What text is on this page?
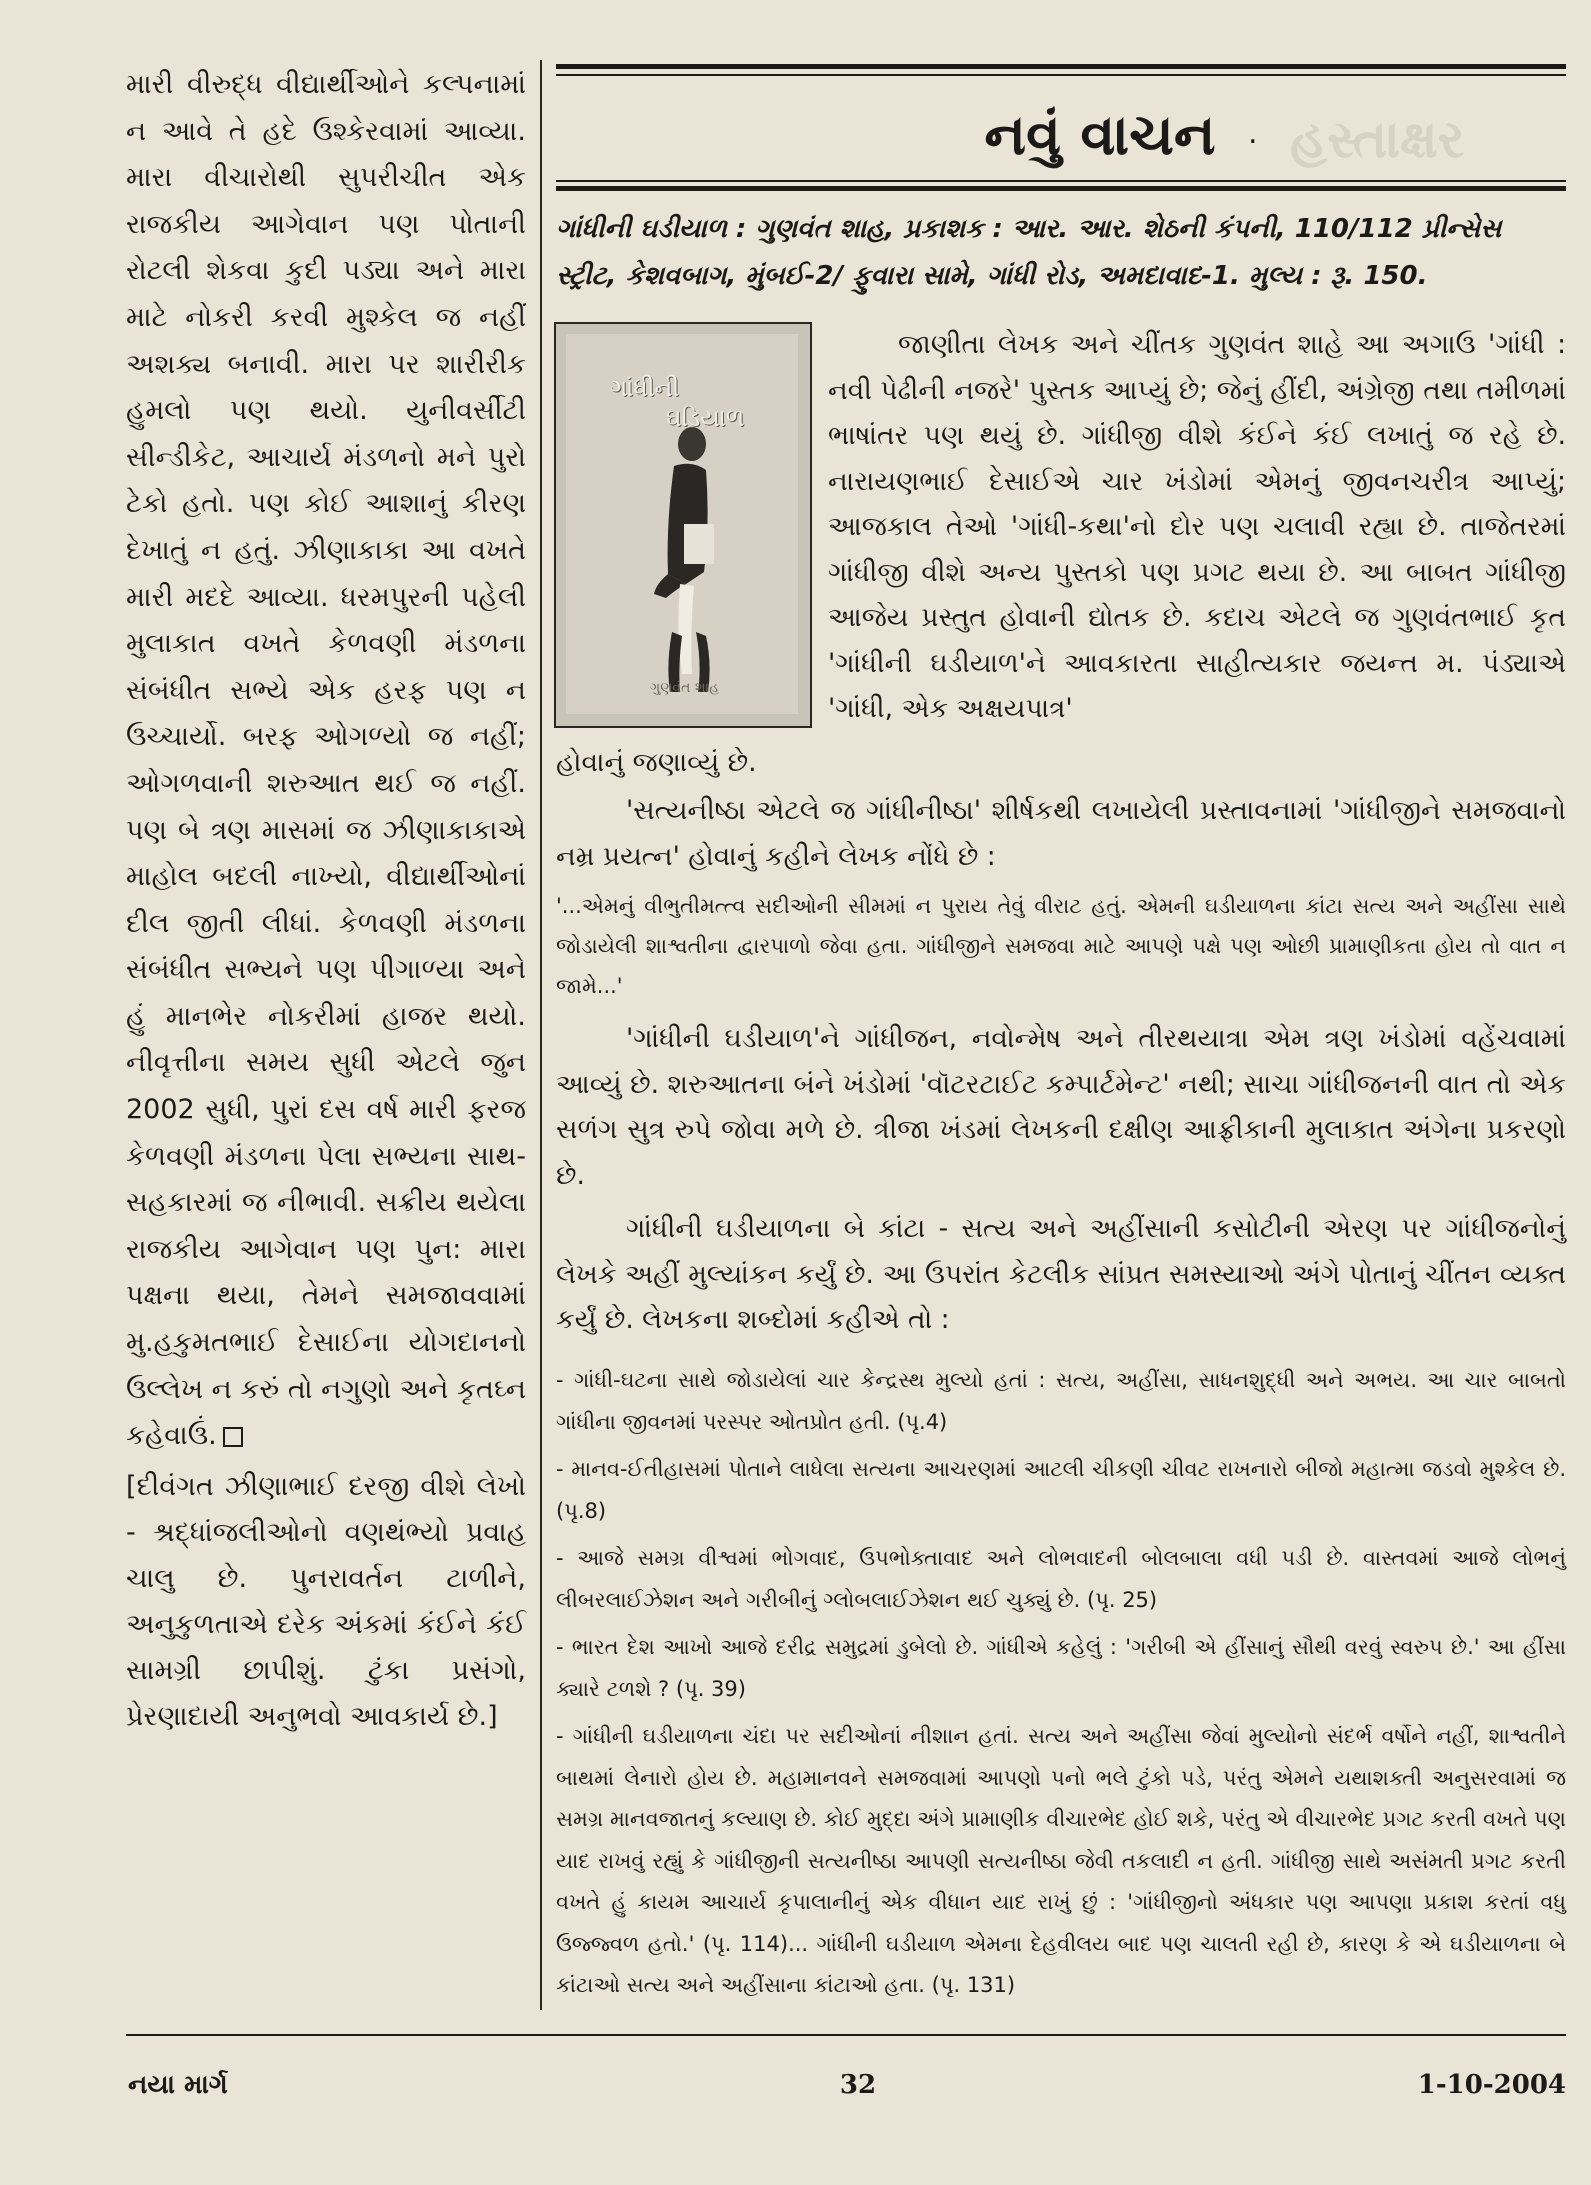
મારી વીરુદ્ધ વીદ્યાર્થીઓને કલ્પનામાં ન આવે તે હદે ઉશ્કેરવામાં આવ્યા. મારા વીચારોથી સુપરીચીત એક રાજકીય આગેવાન પણ પોતાની રોટલી શેકવા કુદી પડ્યા અને મારા માટે નોકરી કરવી મુશ્કેલ જ નહીં અશક્ય બનાવી. મારા પર શારીરીક હુમલો પણ થયો. યુનીવર્સીટી સીન્ડીકેટ, આચાર્ય મંડળનો મને પુરો ટેકો હતો. પણ કોઈ આશાનું કીરણ દેખાતું ન હતું. ઝીણાકાકા આ વખતે મારી મદદે આવ્યા. ધરમપુરની પહેલી મુલાકાત વખતે કેળવણી મંડળના સંબંધીત સભ્યે એક હરફ પણ ન ઉચ્ચાર્યો. બરફ ઓગળ્યો જ નહીં; ઓગળવાની શરુઆત થઈ જ નહીં. પણ બે ત્રણ માસમાં જ ઝીણાકાકાએ માહોલ બદલી નાખ્યો, વીદ્યાર્થીઓનાં દીલ જીતી લીધાં. કેળવણી મંડળના સંબંધીત સભ્યને પણ પીગાળ્યા અને હું માનભેર નોકરીમાં હાજર થયો. નીવૃત્તીના સમય સુધી એટલે જુન 2002 સુધી, પુરાં દસ વર્ષ મારી ફરજ કેળવણી મંડળના પેલા સભ્યના સાથ-સહકારમાં જ નીભાવી. સક્રીય થયેલા રાજકીય આગેવાન પણ પુન: મારા પક્ષના થયા, તેમને સમજાવવામાં મુ.હકુમતભાઈ દેસાઈના યોગદાનનો ઉલ્લેખ ન કરું તો નગુણો અને કૃતઘ્ન કહેવાઉં.

[દીવંગત ઝીણાભાઈ દરજી વીશે લેખો - શ્રદ્ધાંજલીઓનો વણથંભ્યો પ્રવાહ ચાલુ છે. પુનરાવર્તન ટાળીને, અનુકુળતાએ દરેક અંકમાં કંઈને કંઈ સામગ્રી છાપીશું. ટુંકા પ્રસંગો, પ્રેરણાદાયી અનુભવો આવકાર્ય છે.]

હસ્તાક્ષર
નવું વાચન	.
ગાંધીની ઘડીયાળ : ગુણવંત શાહ, પ્રકાશક : આર. આર. શેઠની કંપની, 110/112 પ્રીન્સેસ સ્ટ્રીટ, કેશવબાગ, મુંબઈ-2/ ફુવારા સામે, ગાંધી રોડ, અમદાવાદ-1. મુલ્ય : રૂ. 150.
ગાંધીની
ઘડિયાળ
ગુણવંત શાહ

જાણીતા લેખક અને ચીંતક ગુણવંત શાહે આ અગાઉ 'ગાંધી : નવી પેઢીની નજરે' પુસ્તક આપ્યું છે; જેનું હીંદી, અંગ્રેજી તથા તમીળમાં ભાષાંતર પણ થયું છે. ગાંધીજી વીશે કંઈને કંઈ લખાતું જ રહે છે. નારાયણભાઈ દેસાઈએ ચાર ખંડોમાં એમનું જીવનચરીત્ર આપ્યું; આજકાલ તેઓ 'ગાંધી-કથા'નો દોર પણ ચલાવી રહ્યા છે. તાજેતરમાં ગાંધીજી વીશે અન્ય પુસ્તકો પણ પ્રગટ થયા છે. આ બાબત ગાંધીજી આજેય પ્રસ્તુત હોવાની દ્યોતક છે. કદાચ એટલે જ ગુણવંતભાઈ કૃત 'ગાંધીની ઘડીયાળ'ને આવકારતા સાહીત્યકાર જયન્ત મ. પંડ્યાએ 'ગાંધી, એક અક્ષયપાત્ર'

હોવાનું જણાવ્યું છે.

'સત્યનીષ્ઠા એટલે જ ગાંધીનીષ્ઠા' શીર્ષકથી લખાયેલી પ્રસ્તાવનામાં 'ગાંધીજીને સમજવાનો નમ્ર પ્રયત્ન' હોવાનું કહીને લેખક નોંધે છે :

'...એમનું વીભુતીમત્ત્વ સદીઓની સીમમાં ન પુરાય તેવું વીરાટ હતું. એમની ઘડીયાળના કાંટા સત્ય અને અહીંસા સાથે જોડાયેલી શાશ્વતીના દ્વારપાળો જેવા હતા. ગાંધીજીને સમજવા માટે આપણે પક્ષે પણ ઓછી પ્રામાણીકતા હોય તો વાત ન જામે...'

'ગાંધીની ઘડીયાળ'ને ગાંધીજન, નવોન્મેષ અને તીરથયાત્રા એમ ત્રણ ખંડોમાં વહેંચવામાં આવ્યું છે. શરુઆતના બંને ખંડોમાં 'વૉટરટાઈટ કમ્પાર્ટમેન્ટ' નથી; સાચા ગાંધીજનની વાત તો એક સળંગ સુત્ર રુપે જોવા મળે છે. ત્રીજા ખંડમાં લેખકની દક્ષીણ આફ્રીકાની મુલાકાત અંગેના પ્રકરણો છે.

ગાંધીની ઘડીયાળના બે કાંટા - સત્ય અને અહીંસાની કસોટીની એરણ પર ગાંધીજનોનું લેખકે અહીં મુલ્યાંકન કર્યું છે. આ ઉપરાંત કેટલીક સાંપ્રત સમસ્યાઓ અંગે પોતાનું ચીંતન વ્યક્ત કર્યું છે. લેખકના શબ્દોમાં કહીએ તો :

- ગાંધી-ઘટના સાથે જોડાયેલાં ચાર કેન્દ્રસ્થ મુલ્યો હતાં : સત્ય, અહીંસા, સાધનશુદ્ધી અને અભય. આ ચાર બાબતો ગાંધીના જીવનમાં પરસ્પર ઓતપ્રોત હતી. (પૃ.4)

- માનવ-ઈતીહાસમાં પોતાને લાધેલા સત્યના આચરણમાં આટલી ચીકણી ચીવટ રાખનારો બીજો મહાત્મા જડવો મુશ્કેલ છે. (પૃ.8)

- આજે સમગ્ર વીશ્વમાં ભોગવાદ, ઉપભોક્તાવાદ અને લોભવાદની બોલબાલા વધી પડી છે. વાસ્તવમાં આજે લોભનું લીબરલાઈઝેશન અને ગરીબીનું ગ્લોબલાઈઝેશન થઈ ચુક્યું છે. (પૃ. 25)

- ભારત દેશ આખો આજે દરીદ્ર સમુદ્રમાં ડુબેલો છે. ગાંધીએ કહેલું : 'ગરીબી એ હીંસાનું સૌથી વરવું સ્વરુપ છે.' આ હીંસા ક્યારે ટળશે ? (પૃ. 39)

- ગાંધીની ઘડીયાળના ચંદા પર સદીઓનાં નીશાન હતાં. સત્ય અને અહીંસા જેવાં મુલ્યોનો સંદર્ભ વર્ષોને નહીં, શાશ્વતીને બાથમાં લેનારો હોય છે. મહામાનવને સમજવામાં આપણો પનો ભલે ટુંકો પડે, પરંતુ એમને યથાશક્તી અનુસરવામાં જ સમગ્ર માનવજાતનું કલ્યાણ છે. કોઈ મુદ્દા અંગે પ્રામાણીક વીચારભેદ હોઈ શકે, પરંતુ એ વીચારભેદ પ્રગટ કરતી વખતે પણ યાદ રાખવું રહ્યું કે ગાંધીજીની સત્યનીષ્ઠા આપણી સત્યનીષ્ઠા જેવી તકલાદી ન હતી. ગાંધીજી સાથે અસંમતી પ્રગટ કરતી વખતે હું કાયમ આચાર્ય કૃપાલાનીનું એક વીધાન યાદ રાખું છું : 'ગાંધીજીનો અંધકાર પણ આપણા પ્રકાશ કરતાં વધુ ઉજ્જ્વળ હતો.' (પૃ. 114)... ગાંધીની ઘડીયાળ એમના દેહવીલય બાદ પણ ચાલતી રહી છે, કારણ કે એ ઘડીયાળના બે કાંટાઓ સત્ય અને અહીંસાના કાંટાઓ હતા. (પૃ. 131)

નયા માર્ગ	32	1-10-2004
